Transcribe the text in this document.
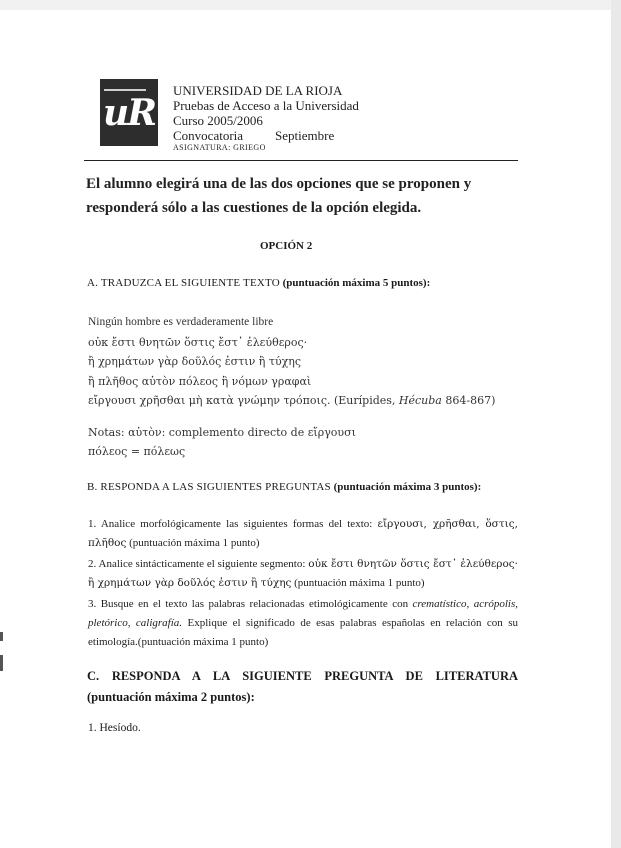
uR
UNIVERSIDAD DE LA RIOJA
Pruebas de Acceso a la Universidad
Curso 2005/2006
Convocatoria Septiembre
ASIGNATURA: GRIEGO
El alumno elegirá una de las dos opciones que se proponen y responderá sólo a las cuestiones de la opción elegida.
OPCIÓN 2
A. TRADUZCA EL SIGUIENTE TEXTO (puntuación máxima 5 puntos):
Ningún hombre es verdaderamente libre
οὐκ ἔστι θνητῶν ὅστις ἔστ᾽ ἐλεύθερος·
ἢ χρημάτων γὰρ δοῦλός ἐστιν ἢ τύχης
ἢ πλῆθος αὐτὸν πόλεος ἢ νόμων γραφαὶ
εἴργουσι χρῆσθαι μὴ κατὰ γνώμην τρόποις. (Eurípides, Hécuba 864-867)
Notas: αὐτὸν: complemento directo de εἴργουσι
πόλεος = πόλεως
B. RESPONDA A LAS SIGUIENTES PREGUNTAS (puntuación máxima 3 puntos):
1. Analice morfológicamente las siguientes formas del texto: εἴργουσι, χρῆσθαι, ὅστις, πλῆθος (puntuación máxima 1 punto)
2. Analice sintácticamente el siguiente segmento: οὐκ ἔστι θνητῶν ὅστις ἔστ᾽ ἐλεύθερος· ἢ χρημάτων γὰρ δοῦλός ἐστιν ἢ τύχης (puntuación máxima 1 punto)
3. Busque en el texto las palabras relacionadas etimológicamente con crematístico, acrópolis, pletórico, caligrafía. Explique el significado de esas palabras españolas en relación con su etimología.(puntuación máxima 1 punto)
C. RESPONDA A LA SIGUIENTE PREGUNTA DE LITERATURA (puntuación máxima 2 puntos):
1. Hesíodo.
